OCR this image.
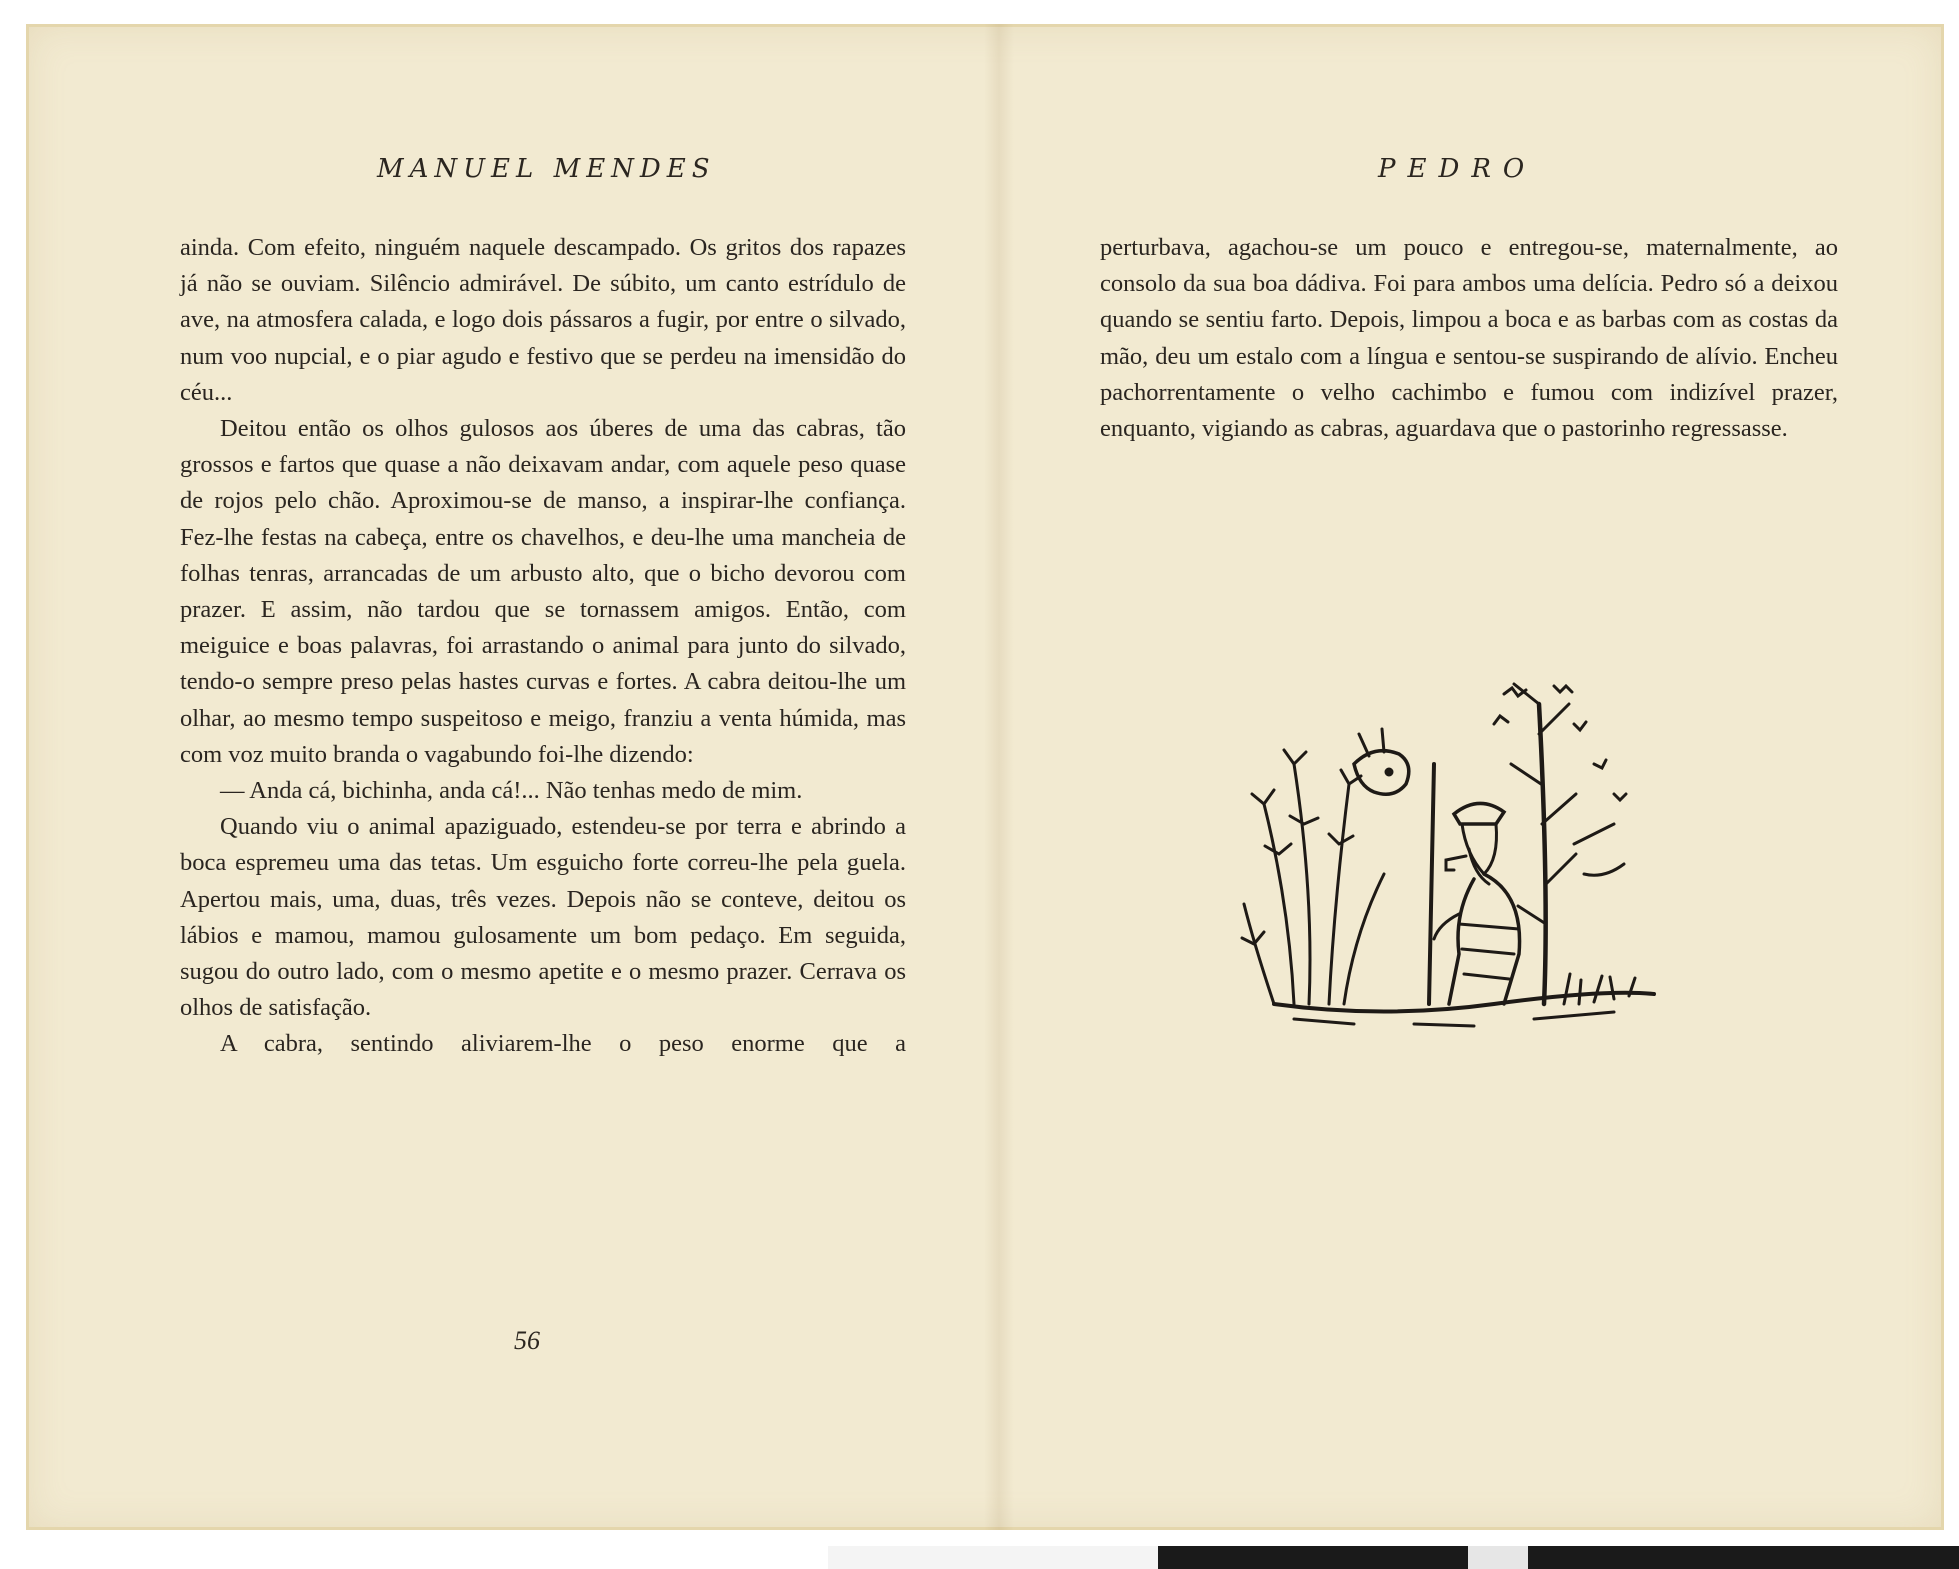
MANUEL MENDES

ainda. Com efeito, ninguém naquele descampado. Os gritos dos rapazes já não se ouviam. Silêncio admirável. De súbito, um canto estrídulo de ave, na atmosfera calada, e logo dois pássaros a fugir, por entre o silvado, num voo nupcial, e o piar agudo e festivo que se perdeu na imensidão do céu...

Deitou então os olhos gulosos aos úberes de uma das cabras, tão grossos e fartos que quase a não deixavam andar, com aquele peso quase de rojos pelo chão. Aproximou-se de manso, a inspirar-lhe confiança. Fez-lhe festas na cabeça, entre os chavelhos, e deu-lhe uma mancheia de folhas tenras, arrancadas de um arbusto alto, que o bicho devorou com prazer. E assim, não tardou que se tornassem amigos. Então, com meiguice e boas palavras, foi arrastando o animal para junto do silvado, tendo-o sempre preso pelas hastes curvas e fortes. A cabra deitou-lhe um olhar, ao mesmo tempo suspeitoso e meigo, franziu a venta húmida, mas com voz muito branda o vagabundo foi-lhe dizendo:

— Anda cá, bichinha, anda cá!... Não tenhas medo de mim.

Quando viu o animal apaziguado, estendeu-se por terra e abrindo a boca espremeu uma das tetas. Um esguicho forte correu-lhe pela guela. Apertou mais, uma, duas, três vezes. Depois não se conteve, deitou os lábios e mamou, mamou gulosamente um bom pedaço. Em seguida, sugou do outro lado, com o mesmo apetite e o mesmo prazer. Cerrava os olhos de satisfação.

A cabra, sentindo aliviarem-lhe o peso enorme que a

56
PEDRO

perturbava, agachou-se um pouco e entregou-se, maternalmente, ao consolo da sua boa dádiva. Foi para ambos uma delícia. Pedro só a deixou quando se sentiu farto. Depois, limpou a boca e as barbas com as costas da mão, deu um estalo com a língua e sentou-se suspirando de alívio. Encheu pachorrentamente o velho cachimbo e fumou com indizível prazer, enquanto, vigiando as cabras, aguardava que o pastorinho regressasse.
